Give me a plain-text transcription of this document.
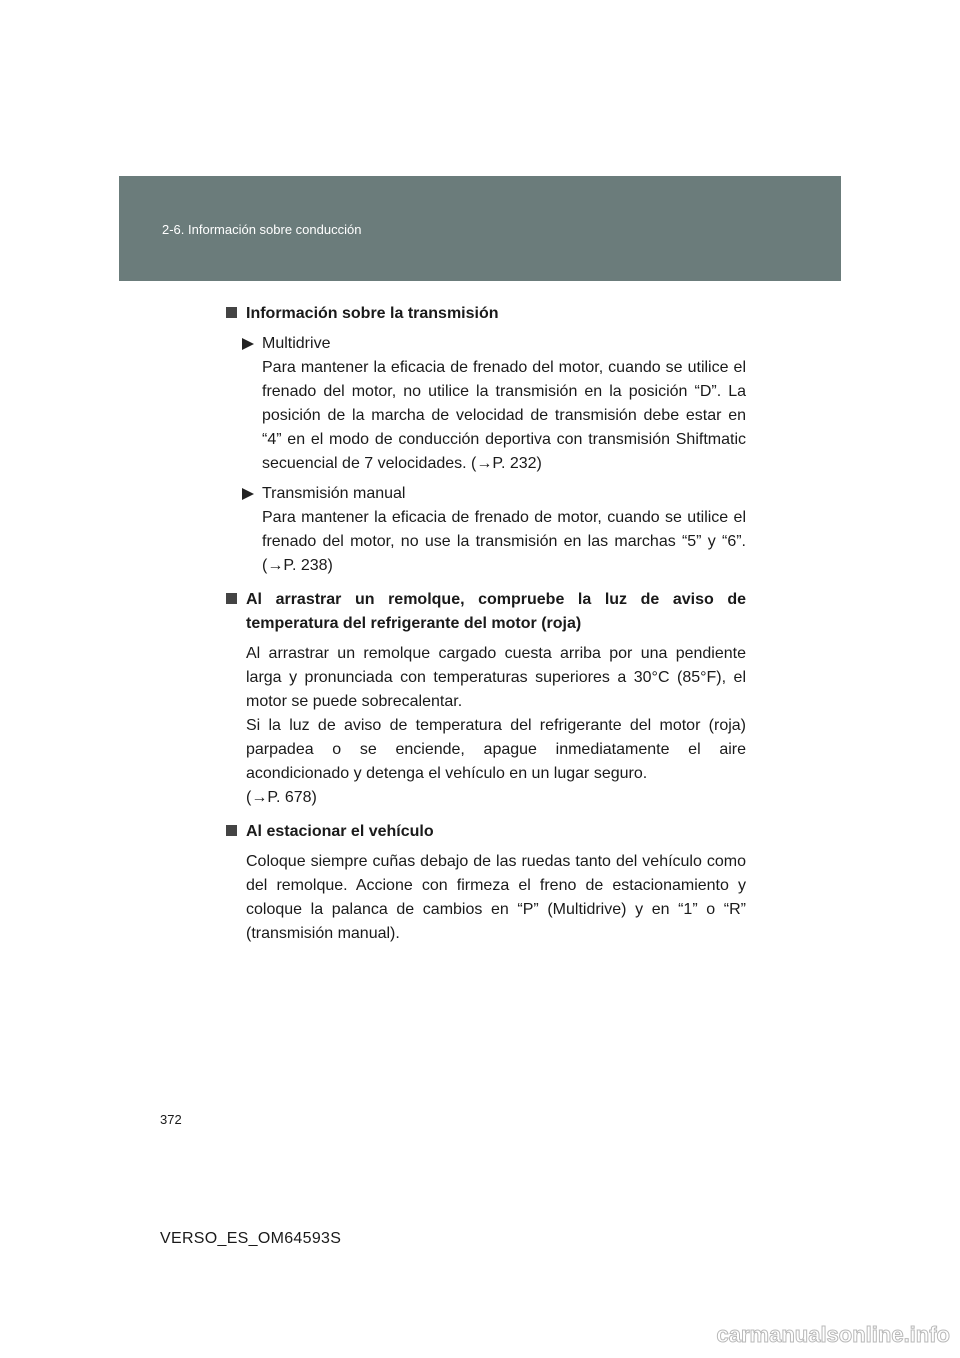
2-6. Información sobre conducción
Información sobre la transmisión
Multidrive
Para mantener la eficacia de frenado del motor, cuando se utilice el frenado del motor, no utilice la transmisión en la posición “D”. La posición de la marcha de velocidad de transmisión debe estar en “4” en el modo de conducción deportiva con transmisión Shiftmatic secuencial de 7 velocidades. (→P. 232)
Transmisión manual
Para mantener la eficacia de frenado de motor, cuando se utilice el frenado del motor, no use la transmisión en las marchas “5” y “6”. (→P. 238)
Al arrastrar un remolque, compruebe la luz de aviso de temperatura del refrigerante del motor (roja)
Al arrastrar un remolque cargado cuesta arriba por una pendiente larga y pronunciada con temperaturas superiores a 30°C (85°F), el motor se puede sobrecalentar.
Si la luz de aviso de temperatura del refrigerante del motor (roja) parpadea o se enciende, apague inmediatamente el aire acondicionado y detenga el vehículo en un lugar seguro.
(→P. 678)
Al estacionar el vehículo
Coloque siempre cuñas debajo de las ruedas tanto del vehículo como del remolque. Accione con firmeza el freno de estacionamiento y coloque la palanca de cambios en “P” (Multidrive) y en “1” o “R” (transmisión manual).
372
VERSO_ES_OM64593S
carmanualsonline.info
